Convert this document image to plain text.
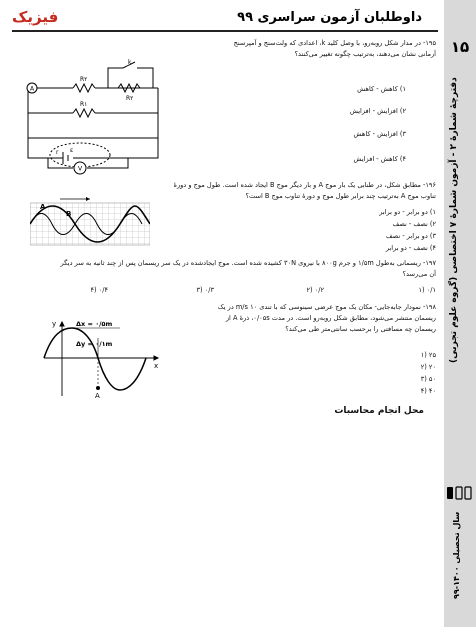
داوطلبان آزمون سراسری ۹۹
فیزیک
۱۵
دفترچهٔ شمارهٔ ۲ - آزمون شمارهٔ ۷ اختصاصی (گروه علوم تجربی)
سال تحصیلی ۱۴۰۰-۹۹
۱۹۵- در مدار شکل روبه‌رو، با وصل کلید k، اعدادی که ولت‌سنج و آمپرسنج
آرمانی نشان می‌دهند، به‌ترتیب چگونه تغییر می‌کنند؟
A
V
R۲
R۲
R۱
k
r ε
۱) کاهش - کاهش
۲) افزایش - افزایش
۳) افزایش - کاهش
۴) کاهش - افزایش
۱۹۶- مطابق شکل، در طنابی یک بار موج A و بار دیگر موج B ایجاد شده است. طول موج و دورهٔ
تناوب موج A به‌ترتیب چند برابر طول موج و دورهٔ تناوب موج B است؟
A
B	۱) دو برابر - دو برابر
۲) نصف - نصف
۳) دو برابر - نصف
۴) نصف - دو برابر
۱۹۷- ریسمانی به‌طول ۱/۵m و جرم ۸۰۰g با نیروی ۳۰N کشیده شده است. موج ایجادشده در یک سر ریسمان پس از چند ثانیه به سر دیگر
آن می‌رسد؟
۱) ۰/۱
۲) ۰/۲
۳) ۰/۳
۴) ۰/۴
۱۹۸- نمودار جابه‌جایی- مکان یک موج عرضی سینوسی که با تندی ۱۰ m/s در یک
ریسمان منتشر می‌شود، مطابق شکل روبه‌رو است. در مدت ۰/۰۵s، ذرهٔ A از
ریسمان چه مسافتی را برحسب سانتی‌متر طی می‌کند؟
y
x
A
Δx = ۰/۵m
Δy = ۰/۱m
۱) ۲۵
۲) ۲۰
۳) ۵۰
۴) ۴۰
محل انجام محاسبات
